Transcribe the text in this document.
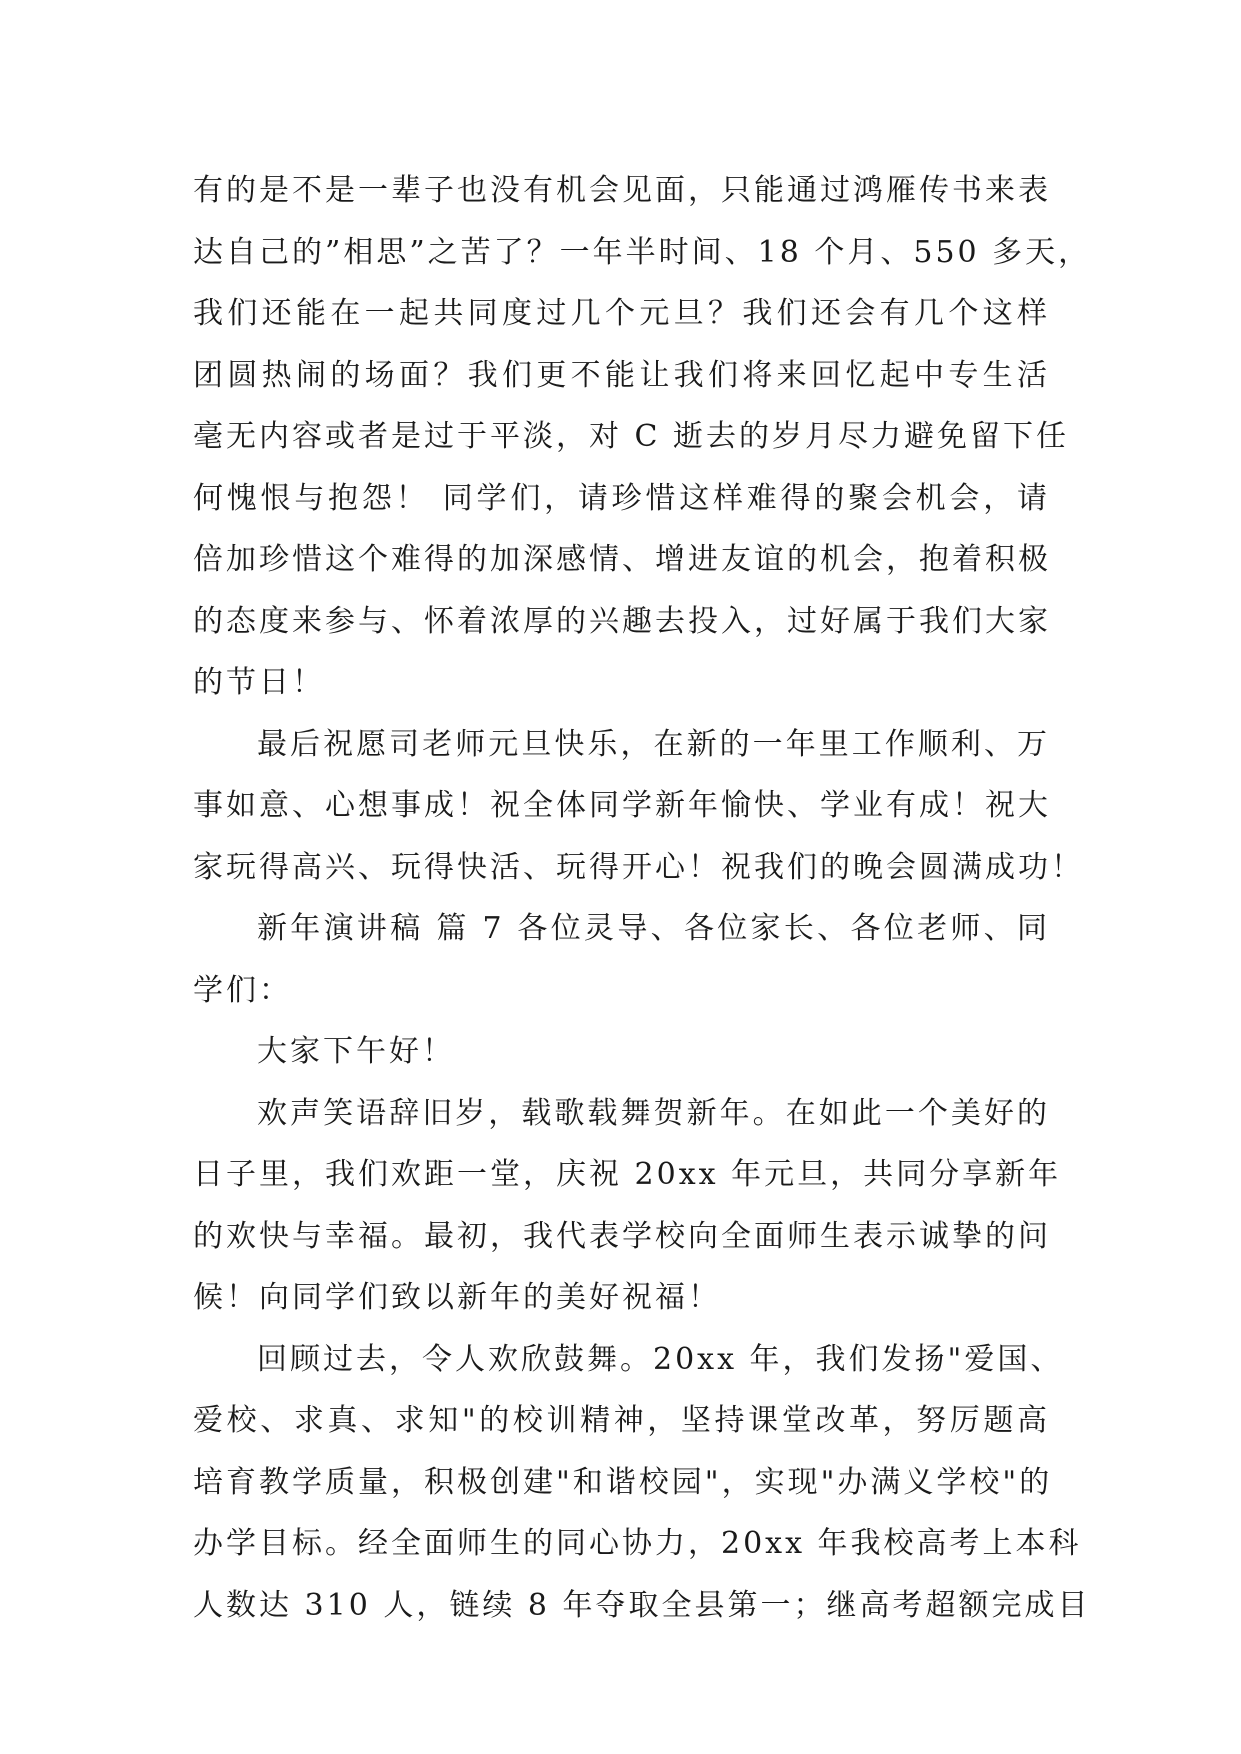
有的是不是一辈子也没有机会见面，只能通过鸿雁传书来表
达自己的”相思”之苦了？一年半时间、18 个月、550 多天，
我们还能在一起共同度过几个元旦？我们还会有几个这样
团圆热闹的场面？我们更不能让我们将来回忆起中专生活
毫无内容或者是过于平淡，对 C 逝去的岁月尽力避免留下任
何愧恨与抱怨！ 同学们，请珍惜这样难得的聚会机会，请
倍加珍惜这个难得的加深感情、增进友谊的机会，抱着积极
的态度来参与、怀着浓厚的兴趣去投入，过好属于我们大家
的节日！
最后祝愿司老师元旦快乐，在新的一年里工作顺利、万
事如意、心想事成！祝全体同学新年愉快、学业有成！祝大
家玩得高兴、玩得快活、玩得开心！祝我们的晚会圆满成功！
新年演讲稿 篇 7 各位灵导、各位家长、各位老师、同
学们：
大家下午好！
欢声笑语辞旧岁，载歌载舞贺新年。在如此一个美好的
日子里，我们欢距一堂，庆祝 20xx 年元旦，共同分享新年
的欢快与幸福。最初，我代表学校向全面师生表示诚挚的问
候！向同学们致以新年的美好祝福！
回顾过去，令人欢欣鼓舞。20xx 年，我们发扬"爱国、
爱校、求真、求知"的校训精神，坚持课堂改革，努厉题高
培育教学质量，积极创建"和谐校园"，实现"办满义学校"的
办学目标。经全面师生的同心协力，20xx 年我校高考上本科
人数达 310 人，链续 8 年夺取全县第一；继高考超额完成目
